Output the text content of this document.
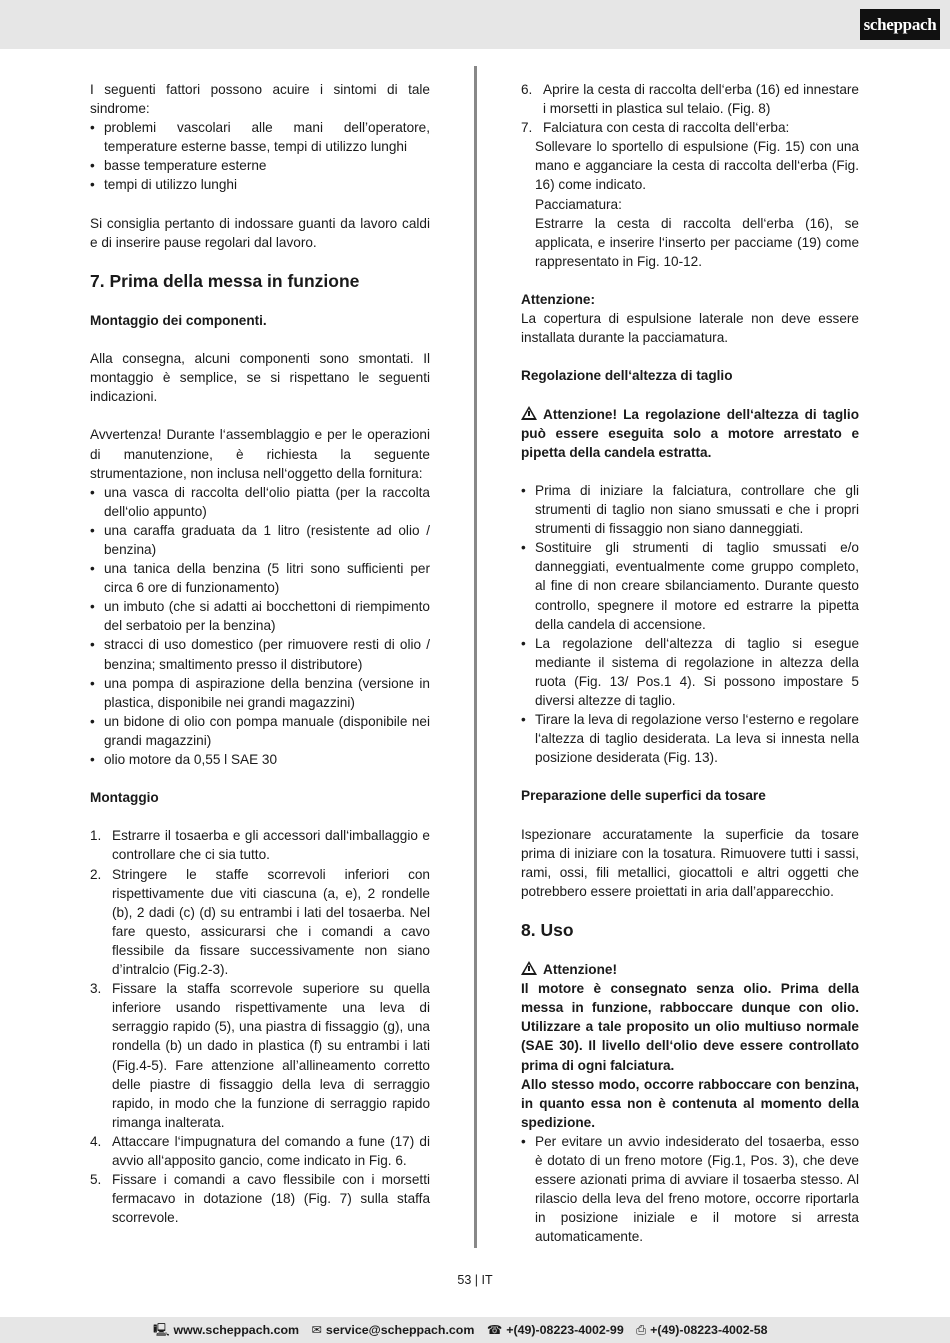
scheppach

I seguenti fattori possono acuire i sintomi di tale sindrome:

• problemi vascolari alle mani dell’operatore, temperature esterne basse, tempi di utilizzo lunghi
• basse temperature esterne
• tempi di utilizzo lunghi

Si consiglia pertanto di indossare guanti da lavoro caldi e di inserire pause regolari dal lavoro.

7. Prima della messa in funzione

Montaggio dei componenti.

Alla consegna, alcuni componenti sono smontati. Il montaggio è semplice, se si rispettano le seguenti indicazioni.

Avvertenza! Durante l‘assemblaggio e per le operazioni di manutenzione, è richiesta la seguente strumentazione, non inclusa nell‘oggetto della fornitura:

• una vasca di raccolta dell‘olio piatta (per la raccolta dell‘olio appunto)
• una caraffa graduata da 1 litro (resistente ad olio / benzina)
• una tanica della benzina (5 litri sono sufficienti per circa 6 ore di funzionamento)
• un imbuto (che si adatti ai bocchettoni di riempimento del serbatoio per la benzina)
• stracci di uso domestico (per rimuovere resti di olio / benzina; smaltimento presso il distributore)
• una pompa di aspirazione della benzina (versione in plastica, disponibile nei grandi magazzini)
• un bidone di olio con pompa manuale (disponibile nei grandi magazzini)
• olio motore da 0,55 l SAE 30

Montaggio

1. Estrarre il tosaerba e gli accessori dall‘imballaggio e controllare che ci sia tutto.
2. Stringere le staffe scorrevoli inferiori con rispettivamente due viti ciascuna (a, e), 2 rondelle (b), 2 dadi (c) (d) su entrambi i lati del tosaerba. Nel fare questo, assicurarsi che i comandi a cavo flessibile da fissare successivamente non siano d’intralcio (Fig.2-3).
3. Fissare la staffa scorrevole superiore su quella inferiore usando rispettivamente una leva di serraggio rapido (5), una piastra di fissaggio (g), una rondella (b) un dado in plastica (f) su entrambi i lati (Fig.4-5). Fare attenzione all’allineamento corretto delle piastre di fissaggio della leva di serraggio rapido, in modo che la funzione di serraggio rapido rimanga inalterata.
4. Attaccare l‘impugnatura del comando a fune (17) di avvio all‘apposito gancio, come indicato in Fig. 6.
5. Fissare i comandi a cavo flessibile con i morsetti fermacavo in dotazione (18) (Fig. 7) sulla staffa scorrevole.
6. Aprire la cesta di raccolta dell‘erba (16) ed innestare i morsetti in plastica sul telaio. (Fig. 8)
7. Falciatura con cesta di raccolta dell‘erba:

Sollevare lo sportello di espulsione (Fig. 15) con una mano e agganciare la cesta di raccolta dell‘erba (Fig. 16) come indicato.

Pacciamatura:

Estrarre la cesta di raccolta dell‘erba (16), se applicata, e inserire l‘inserto per pacciame (19) come rappresentato in Fig. 10-12.

Attenzione:

La copertura di espulsione laterale non deve essere installata durante la pacciamatura.

Regolazione dell‘altezza di taglio

Attenzione! La regolazione dell‘altezza di taglio può essere eseguita solo a motore arrestato e pipetta della candela estratta.

• Prima di iniziare la falciatura, controllare che gli strumenti di taglio non siano smussati e che i propri strumenti di fissaggio non siano danneggiati.
• Sostituire gli strumenti di taglio smussati e/o danneggiati, eventualmente come gruppo completo, al fine di non creare sbilanciamento. Durante questo controllo, spegnere il motore ed estrarre la pipetta della candela di accensione.
• La regolazione dell‘altezza di taglio si esegue mediante il sistema di regolazione in altezza della ruota (Fig. 13/ Pos.1 4). Si possono impostare 5 diversi altezze di taglio.
• Tirare la leva di regolazione verso l‘esterno e regolare l‘altezza di taglio desiderata. La leva si innesta nella posizione desiderata (Fig. 13).

Preparazione delle superfici da tosare

Ispezionare accuratamente la superficie da tosare prima di iniziare con la tosatura. Rimuovere tutti i sassi, rami, ossi, fili metallici, giocattoli e altri oggetti che potrebbero essere proiettati in aria dall’apparecchio.

8. Uso

Attenzione!

Il motore è consegnato senza olio. Prima della messa in funzione, rabboccare dunque con olio. Utilizzare a tale proposito un olio multiuso normale (SAE 30). Il livello dell‘olio deve essere controllato prima di ogni falciatura.

Allo stesso modo, occorre rabboccare con benzina, in quanto essa non è contenuta al momento della spedizione.

• Per evitare un avvio indesiderato del tosaerba, esso è dotato di un freno motore (Fig.1, Pos. 3), che deve essere azionati prima di avviare il tosaerba stesso. Al rilascio della leva del freno motore, occorre riportarla in posizione iniziale e il motore si arresta automaticamente.
53 | IT
🖳 www.scheppach.com ✉ service@scheppach.com ☎ +(49)-08223-4002-99 ⎙ +(49)-08223-4002-58
